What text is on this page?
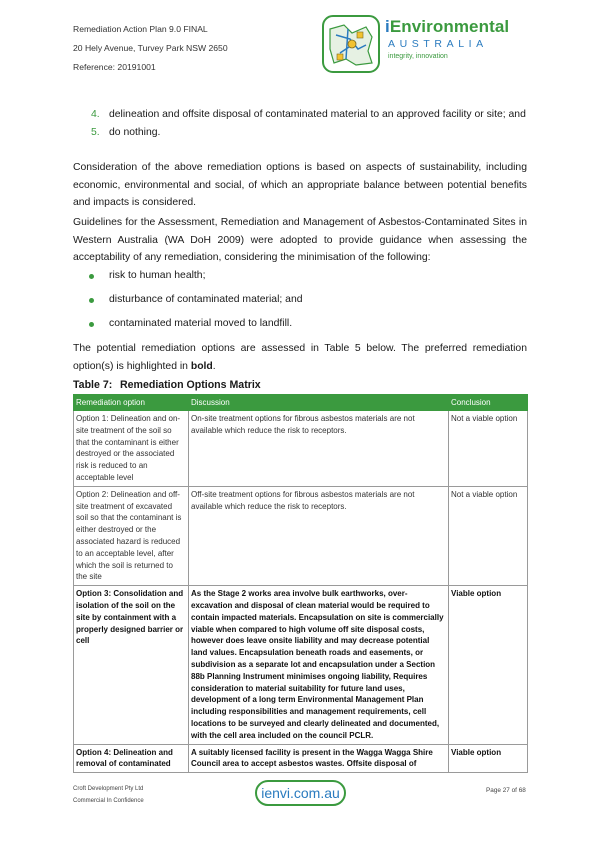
Remediation Action Plan 9.0 FINAL
20 Hely Avenue, Turvey Park NSW 2650
Reference: 20191001
iEnvironmental
AUSTRALIA
integrity, innovation
4. delineation and offsite disposal of contaminated material to an approved facility or site; and
5. do nothing.

Consideration of the above remediation options is based on aspects of sustainability, including economic, environmental and social, of which an appropriate balance between potential benefits and impacts is considered.

Guidelines for the Assessment, Remediation and Management of Asbestos-Contaminated Sites in Western Australia (WA DoH 2009) were adopted to provide guidance when assessing the acceptability of any remediation, considering the minimisation of the following:

risk to human health;
disturbance of contaminated material; and
contaminated material moved to landfill.

The potential remediation options are assessed in Table 5 below. The preferred remediation option(s) is highlighted in bold.

Table 7: Remediation Options Matrix
Remediation option	Discussion	Conclusion
Option 1: Delineation and on-site treatment of the soil so that the contaminant is either destroyed or the associated risk is reduced to an acceptable level	On-site treatment options for fibrous asbestos materials are not available which reduce the risk to receptors.	Not a viable option
Option 2: Delineation and off-site treatment of excavated soil so that the contaminant is either destroyed or the associated hazard is reduced to an acceptable level, after which the soil is returned to the site	Off-site treatment options for fibrous asbestos materials are not available which reduce the risk to receptors.	Not a viable option
Option 3: Consolidation and isolation of the soil on the site by containment with a properly designed barrier or cell	As the Stage 2 works area involve bulk earthworks, over-excavation and disposal of clean material would be required to contain impacted materials. Encapsulation on site is commercially viable when compared to high volume off site disposal costs, however does leave onsite liability and may decrease potential land values. Encapsulation beneath roads and easements, or subdivision as a separate lot and encapsulation under a Section 88b Planning Instrument minimises ongoing liability, Requires consideration to material suitability for future land uses, development of a long term Environmental Management Plan including responsibilities and management requirements, cell locations to be surveyed and clearly delineated and documented, with the cell area included on the council PCLR.	Viable option
Option 4: Delineation and removal of contaminated	A suitably licensed facility is present in the Wagga Wagga Shire Council area to accept asbestos wastes. Offsite disposal of	Viable option
Croft Development Pty Ltd
Commercial In Confidence	ienvi.com.au	Page 27 of 68
